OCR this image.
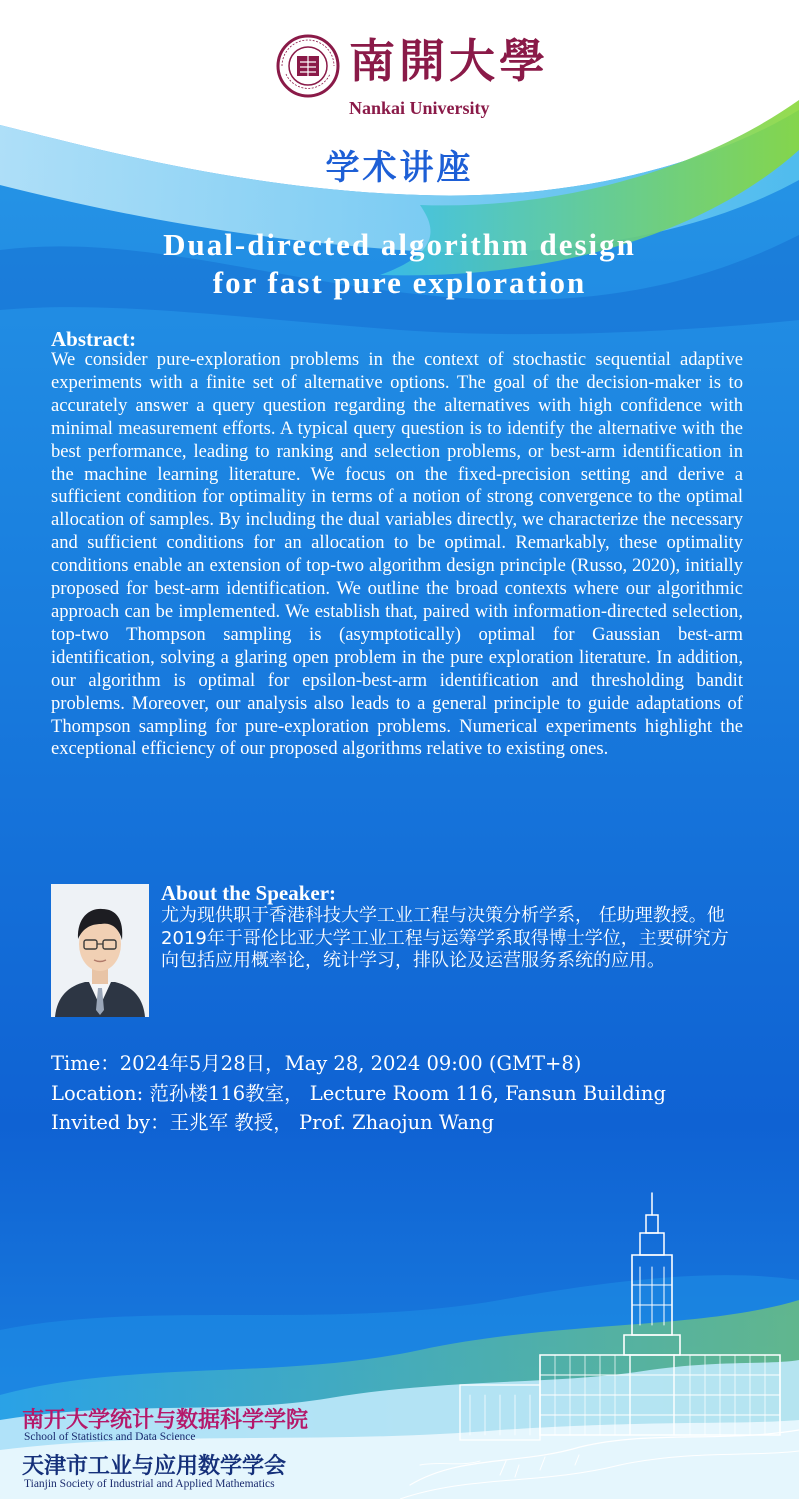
南開大學
Nankai University
学术讲座
Dual-directed algorithm design
for fast pure exploration
Abstract:
We consider pure-exploration problems in the context of stochastic sequential adaptive experiments with a finite set of alternative options. The goal of the decision-maker is to accurately answer a query question regarding the alternatives with high confidence with minimal measurement efforts. A typical query question is to identify the alternative with the best performance, leading to ranking and selection problems, or best-arm identification in the machine learning literature. We focus on the fixed-precision setting and derive a sufficient condition for optimality in terms of a notion of strong convergence to the optimal allocation of samples. By including the dual variables directly, we characterize the necessary and sufficient conditions for an allocation to be optimal. Remarkably, these optimality conditions enable an extension of top-two algorithm design principle (Russo, 2020), initially proposed for best-arm identification. We outline the broad contexts where our algorithmic approach can be implemented. We establish that, paired with information-directed selection, top-two Thompson sampling is (asymptotically) optimal for Gaussian best-arm identification, solving a glaring open problem in the pure exploration literature. In addition, our algorithm is optimal for epsilon-best-arm identification and thresholding bandit problems. Moreover, our analysis also leads to a general principle to guide adaptations of Thompson sampling for pure-exploration problems. Numerical experiments highlight the exceptional efficiency of our proposed algorithms relative to existing ones.
About the Speaker:
尤为现供职于香港科技大学工业工程与决策分析学系， 任助理教授。他2019年于哥伦比亚大学工业工程与运筹学系取得博士学位，主要研究方向包括应用概率论，统计学习，排队论及运营服务系统的应用。
Time：2024年5月28日，May 28, 2024 09:00 (GMT+8)
Location: 范孙楼116教室， Lecture Room 116, Fansun Building
Invited by：王兆军 教授， Prof. Zhaojun Wang
南开大学统计与数据科学学院
School of Statistics and Data Science
天津市工业与应用数学学会
Tianjin Society of Industrial and Applied Mathematics
